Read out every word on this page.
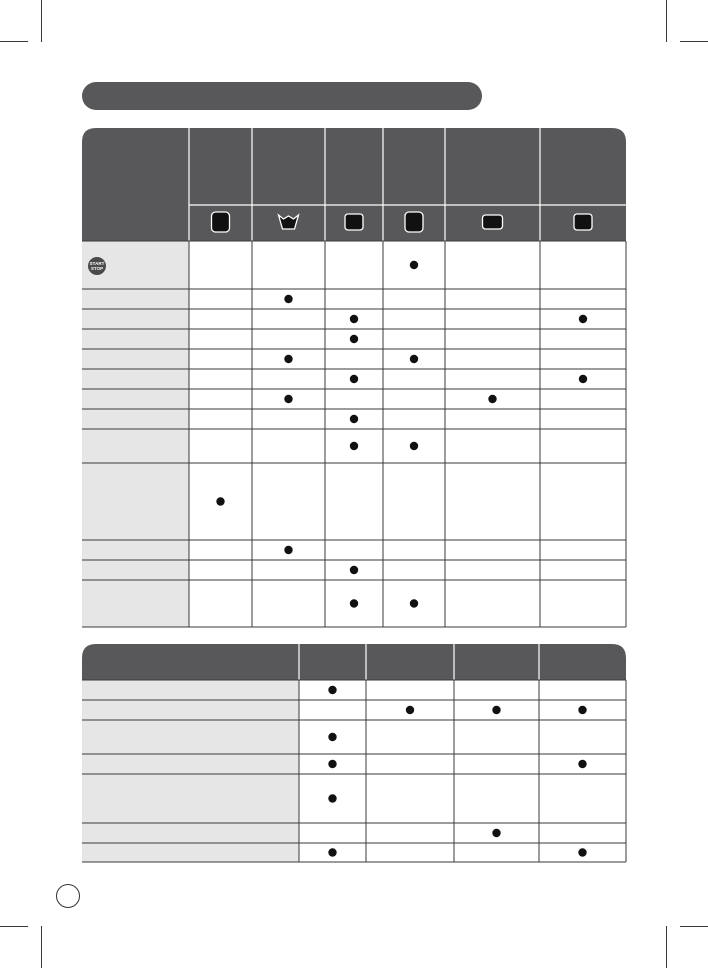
START
STOP
